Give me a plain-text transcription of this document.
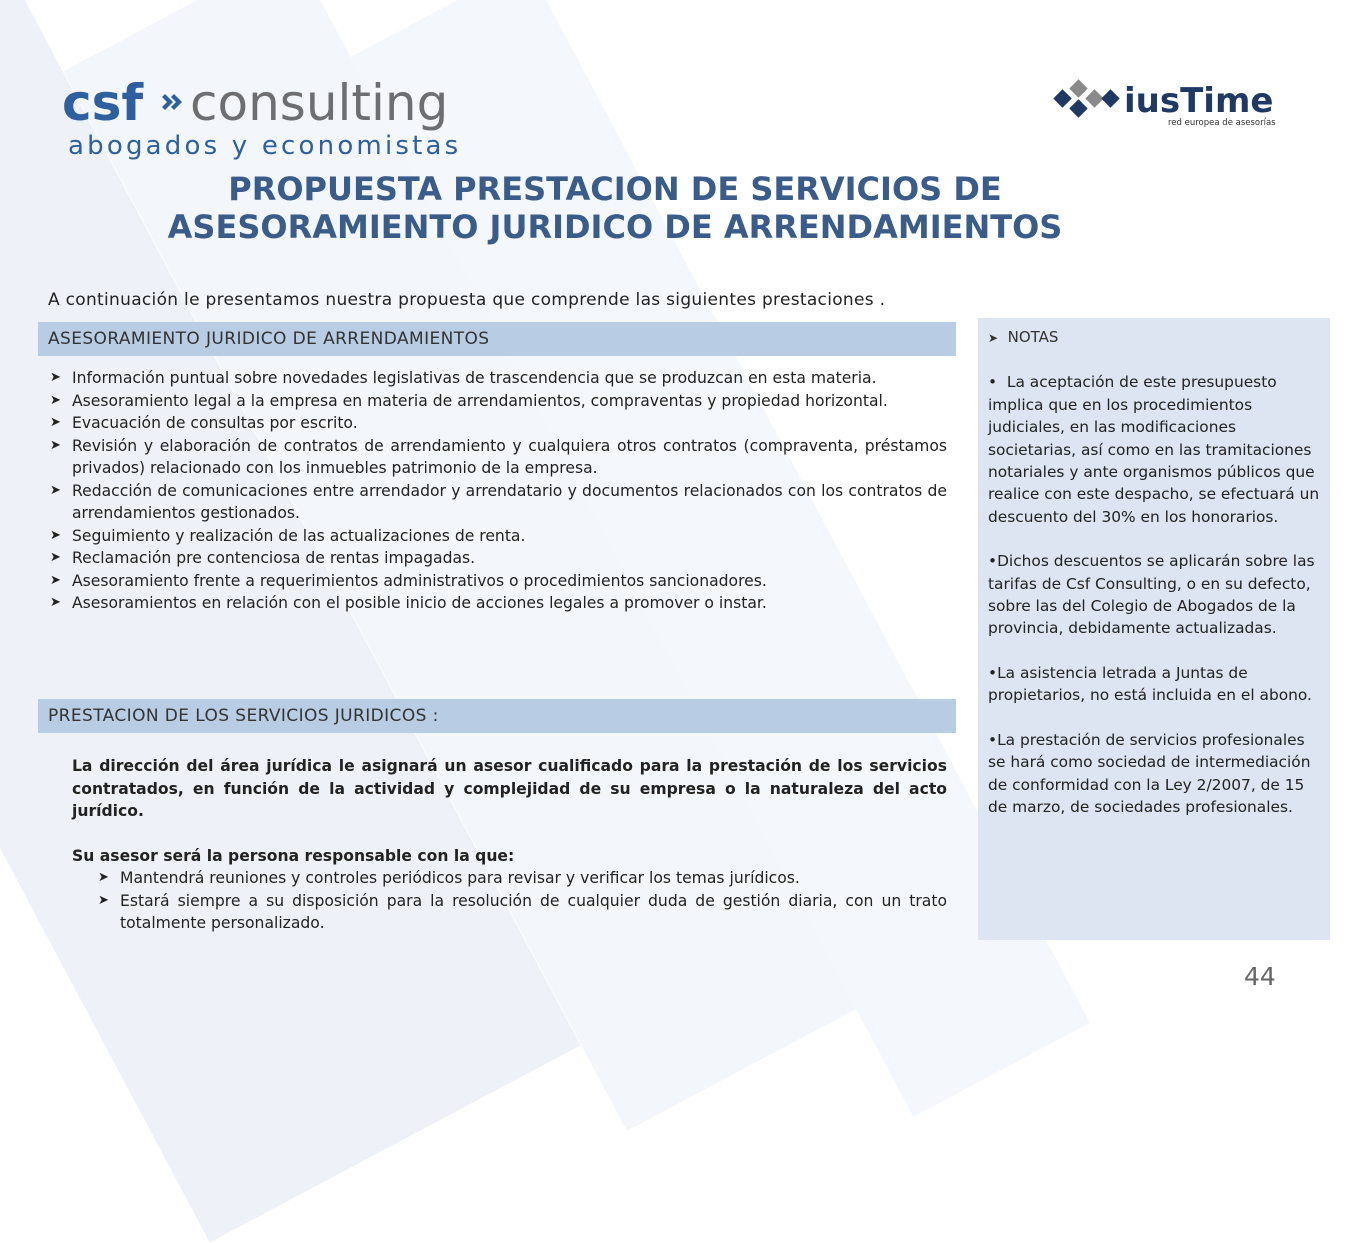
csf consulting
abogados y economistas
iusTime
red europea de asesorías
PROPUESTA PRESTACION DE SERVICIOS DE
ASESORAMIENTO JURIDICO DE ARRENDAMIENTOS
A continuación le presentamos nuestra propuesta que comprende las siguientes prestaciones .
ASESORAMIENTO JURIDICO DE ARRENDAMIENTOS
➤ Información puntual sobre novedades legislativas de trascendencia que se produzcan en esta materia.
➤ Asesoramiento legal a la empresa en materia de arrendamientos, compraventas y propiedad horizontal.
➤ Evacuación de consultas por escrito.
➤ Revisión y elaboración de contratos de arrendamiento y cualquiera otros contratos (compraventa, préstamos privados) relacionado con los inmuebles patrimonio de la empresa.
➤ Redacción de comunicaciones entre arrendador y arrendatario y documentos relacionados con los contratos de arrendamientos gestionados.
➤ Seguimiento y realización de las actualizaciones de renta.
➤ Reclamación pre contenciosa de rentas impagadas.
➤ Asesoramiento frente a requerimientos administrativos o procedimientos sancionadores.
➤ Asesoramientos en relación con el posible inicio de acciones legales a promover o instar.
PRESTACION DE LOS SERVICIOS JURIDICOS :

La dirección del área jurídica le asignará un asesor cualificado para la prestación de los servicios contratados, en función de la actividad y complejidad de su empresa o la naturaleza del acto jurídico.

Su asesor será la persona responsable con la que:

➤ Mantendrá reuniones y controles periódicos para revisar y verificar los temas jurídicos.
➤ Estará siempre a su disposición para la resolución de cualquier duda de gestión diaria, con un trato totalmente personalizado.
➤ NOTAS

•  La aceptación de este presupuesto implica que en los procedimientos judiciales, en las modificaciones societarias, así como en las tramitaciones notariales y ante organismos públicos que realice con este despacho, se efectuará un descuento del 30% en los honorarios.

•Dichos descuentos se aplicarán sobre las tarifas de Csf Consulting, o en su defecto, sobre las del Colegio de Abogados de la provincia, debidamente actualizadas.

•La asistencia letrada a Juntas de propietarios, no está incluida en el abono.

•La prestación de servicios profesionales se hará como sociedad de intermediación de conformidad con la Ley 2/2007, de 15 de marzo, de sociedades profesionales.

44
